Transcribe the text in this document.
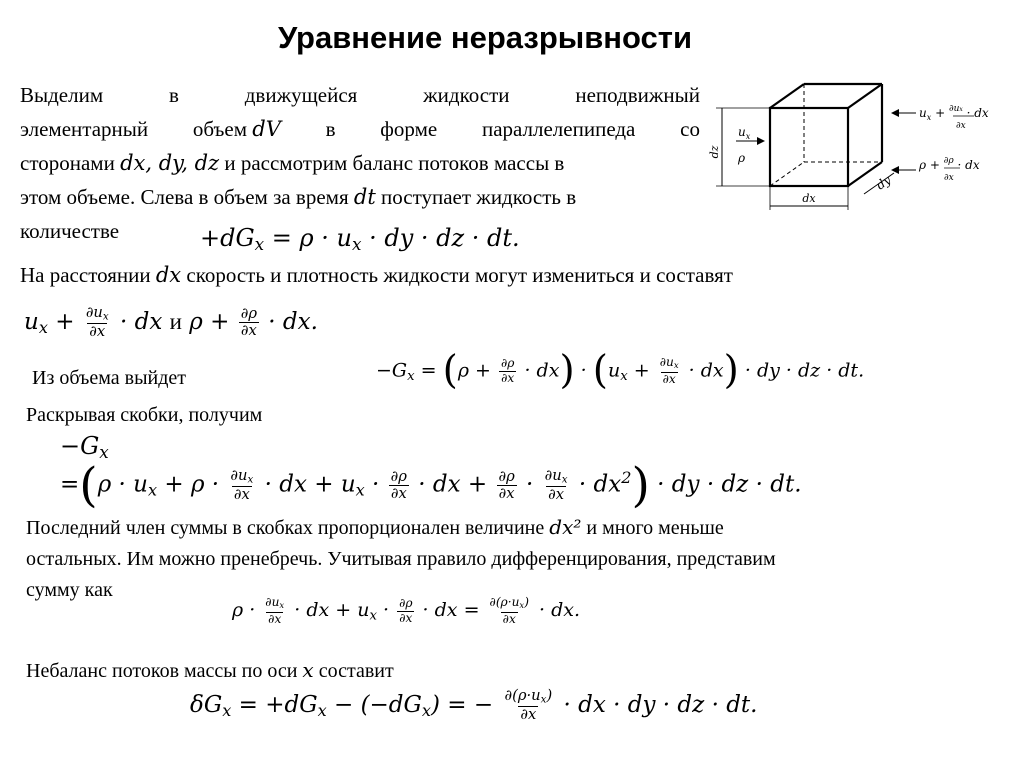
Уравнение неразрывности
Выделим	в	движущейся	жидкости	неподвижный
элементарный объем dV в форме параллелепипеда со
сторонами dx, dy, dz и рассмотрим баланс потоков массы в
этом объеме. Слева в объем за время dt поступает жидкость в
количестве	$+dG_x = \rho \cdot u_x$ · dy · dz · dt.
На расстоянии dx скорость и плотность жидкости могут измениться и составят
$u_x + \frac{\partial u_x}{\partial x}$ · dx и $\rho + \frac{\partial\rho}{\partial x}$ · dx.
Из объема выйдет	$-G_x = (\rho + \frac{\partial\rho}{\partial x} \cdot dx) \cdot (u_x + \frac{\partial u_x}{\partial x} \cdot dx)$ · dy · dz · dt.
Раскрывая скобки, получим
$-G_x$
$=(\rho \cdot u_x + \rho \cdot \frac{\partial u_x}{\partial x}$ · dx + $u_x \cdot \frac{\partial\rho}{\partial x}$ · dx + $\frac{\partial\rho}{\partial x} \cdot \frac{\partial u_x}{\partial x} \cdot dx^2$) · dy · dz · dt.
Последний член суммы в скобках пропорционален величине dx² и много меньше
остальных. Им можно пренебречь. Учитывая правило дифференцирования, представим
сумму как
$\rho \cdot \frac{\partial u_x}{\partial x}$ · dx + $u_x \cdot \frac{\partial\rho}{\partial x}$ · dx = $\frac{\partial(\rho\cdot u_x)}{\partial x}$ · dx.
Небаланс потоков массы по оси x составит
$\delta G_x = +dG_x - (-dG_x)$ = − $\frac{\partial(\rho\cdot u_x)}{\partial x}$ · dx · dy · dz · dt.
dz
$u_x$
ρ
dx
dy
$u_x + ^{\partial u}x$ · dx
∂x
ρ + $^{\partial\rho}$ · dx
∂x
